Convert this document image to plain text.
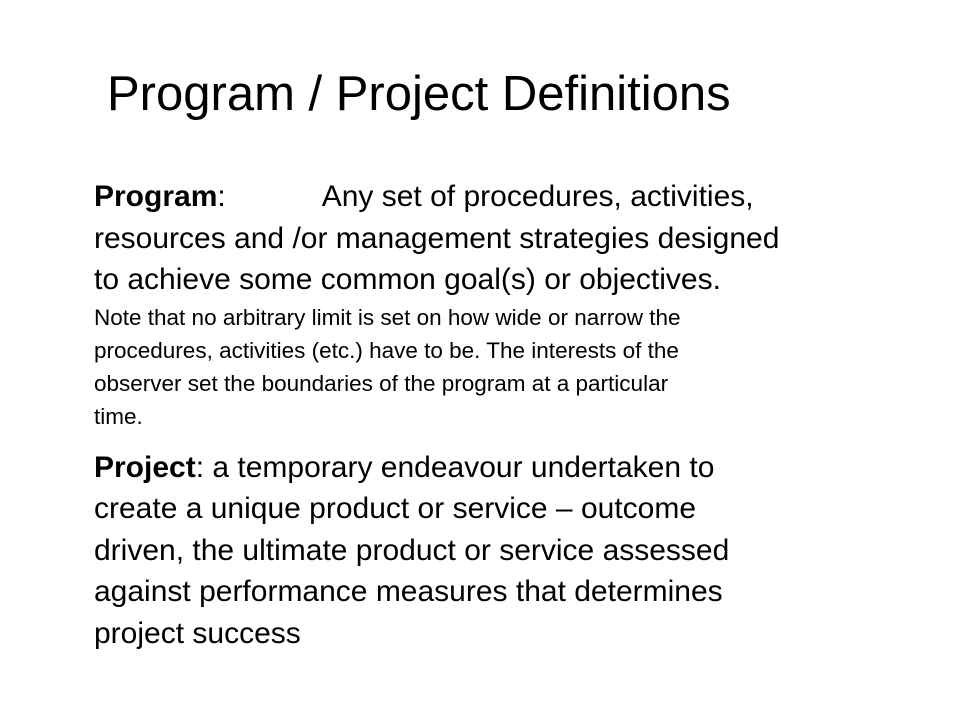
Program / Project Definitions

Program:	Any set of procedures, activities,

resources and /or management strategies designed

to achieve some common goal(s) or objectives.

Note that no arbitrary limit is set on how wide or narrow the

procedures, activities (etc.) have to be. The interests of the

observer set the boundaries of the program at a particular

time.

Project: a temporary endeavour undertaken to

create a unique product or service – outcome

driven, the ultimate product or service assessed

against performance measures that determines

project success
